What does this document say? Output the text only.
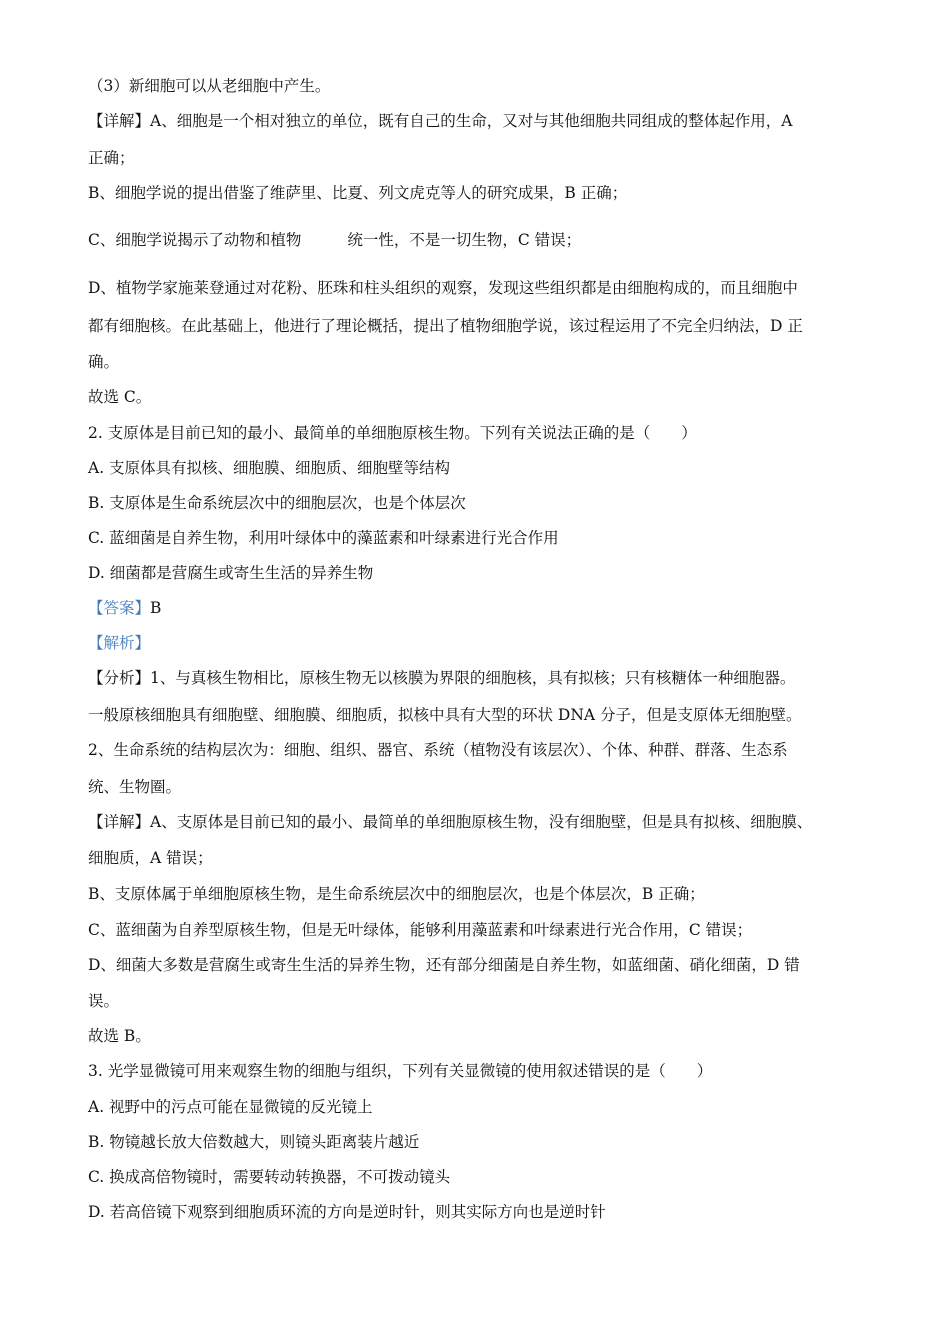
（3）新细胞可以从老细胞中产生。
【详解】A、细胞是一个相对独立的单位，既有自己的生命，又对与其他细胞共同组成的整体起作用，A
正确；
B、细胞学说的提出借鉴了维萨里、比夏、列文虎克等人的研究成果，B 正确；
C、细胞学说揭示了动物和植物	统一性，不是一切生物，C 错误；
D、植物学家施莱登通过对花粉、胚珠和柱头组织的观察，发现这些组织都是由细胞构成的，而且细胞中
都有细胞核。在此基础上，他进行了理论概括，提出了植物细胞学说，该过程运用了不完全归纳法，D 正
确。
故选 C。
2. 支原体是目前已知的最小、最简单的单细胞原核生物。下列有关说法正确的是（　　）
A. 支原体具有拟核、细胞膜、细胞质、细胞壁等结构
B. 支原体是生命系统层次中的细胞层次，也是个体层次
C. 蓝细菌是自养生物，利用叶绿体中的藻蓝素和叶绿素进行光合作用
D. 细菌都是营腐生或寄生生活的异养生物
【答案】B
【解析】
【分析】1、与真核生物相比，原核生物无以核膜为界限的细胞核，具有拟核；只有核糖体一种细胞器。
一般原核细胞具有细胞壁、细胞膜、细胞质，拟核中具有大型的环状 DNA 分子，但是支原体无细胞壁。
2、生命系统的结构层次为：细胞、组织、器官、系统（植物没有该层次）、个体、种群、群落、生态系
统、生物圈。
【详解】A、支原体是目前已知的最小、最简单的单细胞原核生物，没有细胞壁，但是具有拟核、细胞膜、
细胞质，A 错误；
B、支原体属于单细胞原核生物，是生命系统层次中的细胞层次，也是个体层次，B 正确；
C、蓝细菌为自养型原核生物，但是无叶绿体，能够利用藻蓝素和叶绿素进行光合作用，C 错误；
D、细菌大多数是营腐生或寄生生活的异养生物，还有部分细菌是自养生物，如蓝细菌、硝化细菌，D 错
误。
故选 B。
3. 光学显微镜可用来观察生物的细胞与组织，下列有关显微镜的使用叙述错误的是（　　）
A. 视野中的污点可能在显微镜的反光镜上
B. 物镜越长放大倍数越大，则镜头距离装片越近
C. 换成高倍物镜时，需要转动转换器，不可拨动镜头
D. 若高倍镜下观察到细胞质环流的方向是逆时针，则其实际方向也是逆时针
